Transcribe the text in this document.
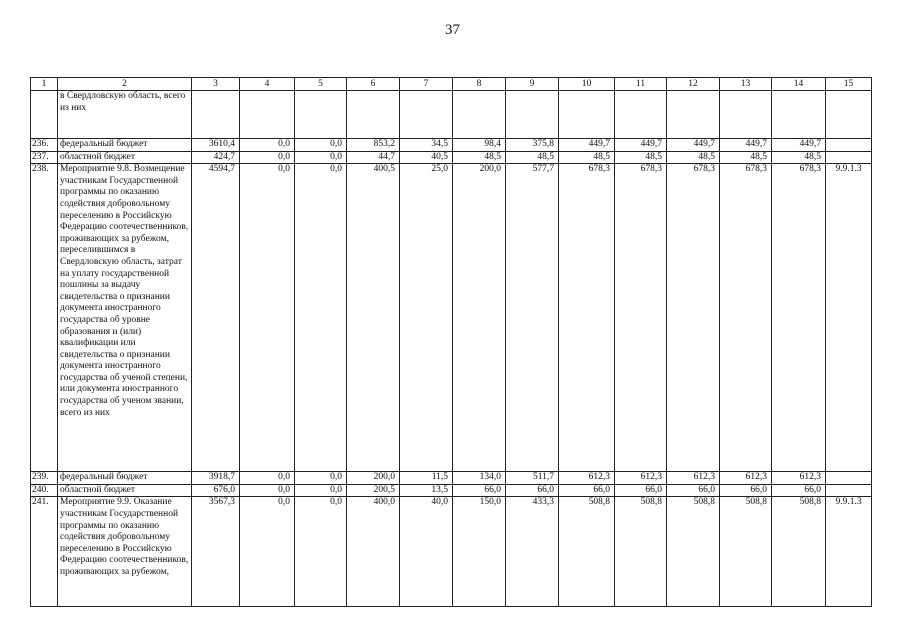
37
1	2	3	4	5	6	7	8	9	10	11	12	13	14	15
	в Свердловскую область, всего из них													
236.	федеральный бюджет	3610,4	0,0	0,0	853,2	34,5	98,4	375,8	449,7	449,7	449,7	449,7	449,7	
237.	областной бюджет	424,7	0,0	0,0	44,7	40,5	48,5	48,5	48,5	48,5	48,5	48,5	48,5	
238.	Мероприятие 9.8. Возмещение участникам Государственной программы по оказанию содействия добровольному переселению в Российскую Федерацию соотечественников, проживающих за рубежом, переселившимся в Свердловскую область, затрат на уплату государственной пошлины за выдачу свидетельства о признании документа иностранного государства об уровне образования и (или) квалификации или свидетельства о признании документа иностранного государства об ученой степени, или документа иностранного государства об ученом звании, всего из них	4594,7	0,0	0,0	400,5	25,0	200,0	577,7	678,3	678,3	678,3	678,3	678,3	9.9.1.3
239.	федеральный бюджет	3918,7	0,0	0,0	200,0	11,5	134,0	511,7	612,3	612,3	612,3	612,3	612,3	
240.	областной бюджет	676,0	0,0	0,0	200,5	13,5	66,0	66,0	66,0	66,0	66,0	66,0	66,0	
241.	Мероприятие 9.9. Оказание участникам Государственной программы по оказанию содействия добровольному переселению в Российскую Федерацию соотечественников, проживающих за рубежом,	3567,3	0,0	0,0	400,0	40,0	150,0	433,3	508,8	508,8	508,8	508,8	508,8	9.9.1.3
